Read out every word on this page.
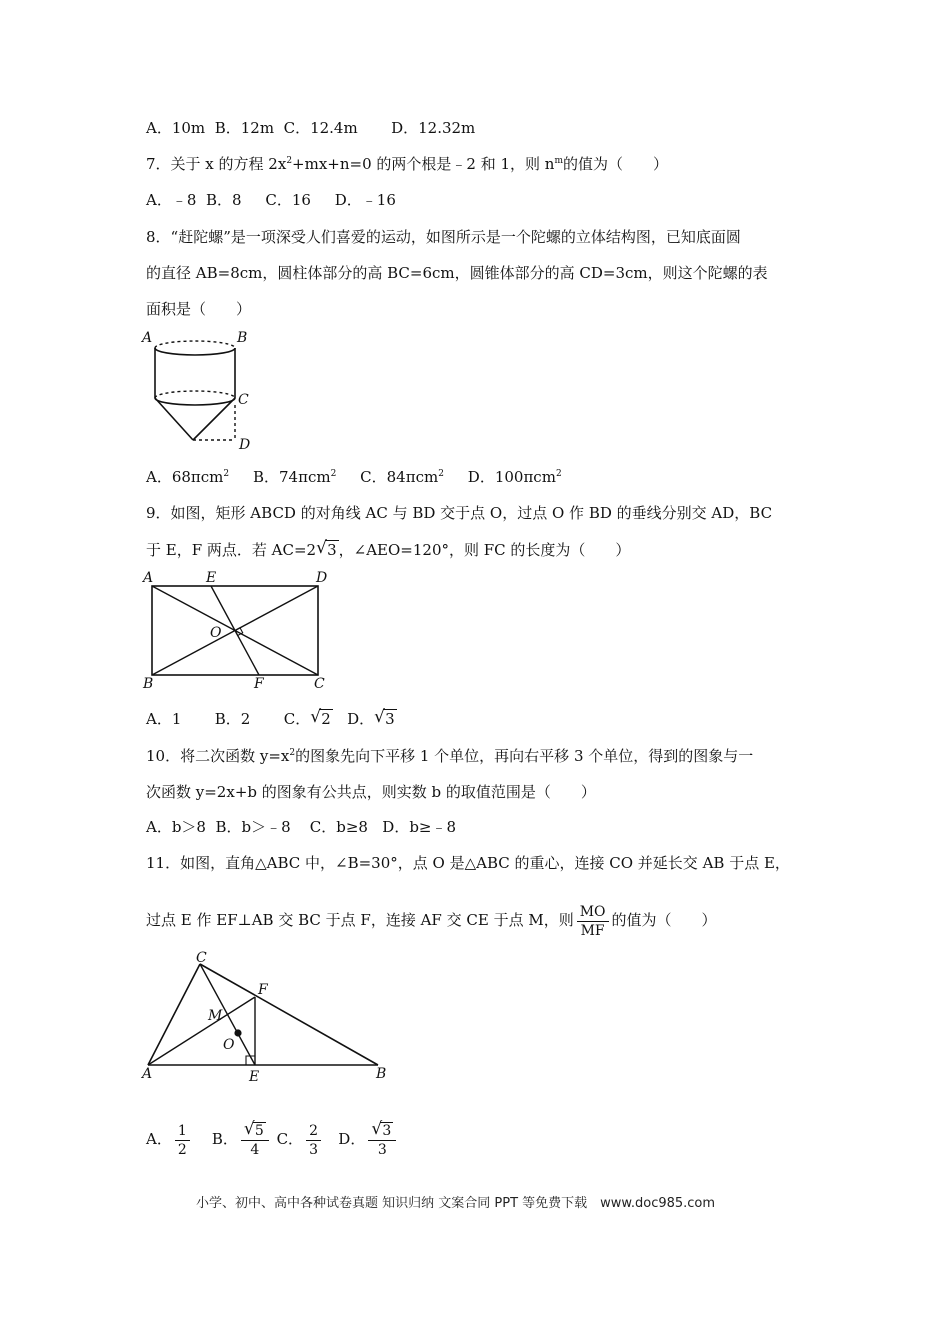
A．10m B．12m C．12.4m D．12.32m
7．关于 x 的方程 $2x^2+mx+n=0$ 的两个根是﹣2 和 1，则 $n^m$的值为（　　）
A．﹣8 B．8 C．16 D．﹣16
8．“赶陀螺”是一项深受人们喜爱的运动，如图所示是一个陀螺的立体结构图，已知底面圆
的直径 AB=8cm，圆柱体部分的高 BC=6cm，圆锥体部分的高 CD=3cm，则这个陀螺的表
面积是（　　）
A	B
C
D
A．68πcm$^2$ B．74πcm$^2$ C．84πcm$^2$ D．100πcm$^2$
9．如图，矩形 ABCD 的对角线 AC 与 BD 交于点 O，过点 O 作 BD 的垂线分别交 AD，BC
于 E，F 两点．若 AC=2 √ 3 ，∠AEO=120°，则 FC 的长度为（　　）
A	E	D
O
B	F	C
A．1 B．2 C． √ 2 D． √ 3
10．将二次函数 $y=x^2$的图象先向下平移 1 个单位，再向右平移 3 个单位，得到的图象与一
次函数 y=2x+b 的图象有公共点，则实数 b 的取值范围是（　　）
A．b＞8 B．b＞﹣8 C．b≥8 D．b≥﹣8
11．如图，直角△ABC 中，∠B=30°，点 O 是△ABC 的重心，连接 CO 并延长交 AB 于点 E，
过点 E 作 EF⊥AB 交 BC 于点 F，连接 AF 交 CE 于点 M，则 $\frac{MO}{MF}$ 的值为（　　）
C
F
M
O
A	E	B
A． $\frac{1}{2}$ B． $\frac{√ 5}{4}$ C． $\frac{2}{3}$ D． $\frac{√ 3}{3}$
小学、初中、高中各种试卷真题 知识归纳 文案合同 PPT 等免费下载　www.doc985.com
